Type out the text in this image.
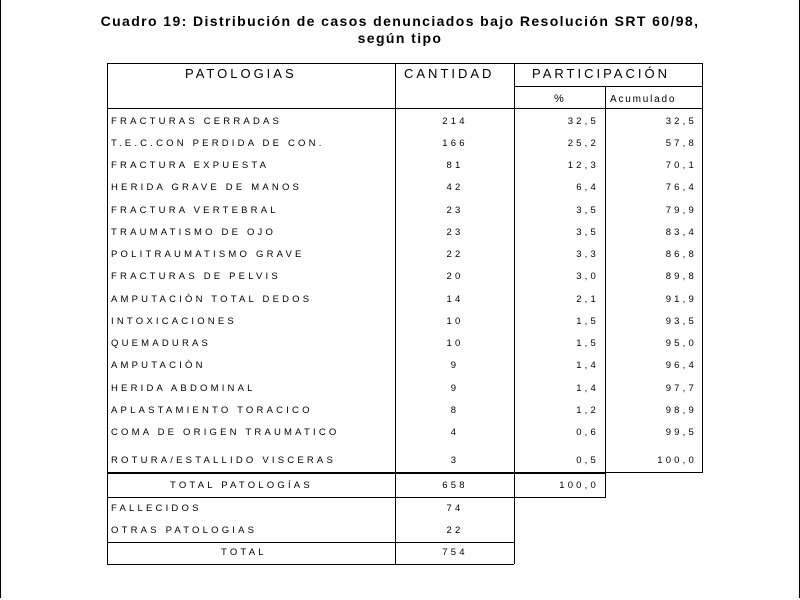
Cuadro 19: Distribución de casos denunciados bajo Resolución SRT 60/98,
según tipo
PATOLOGIAS	CANTIDAD	PARTICIPACIÓN
%	Acumulado
FRACTURAS CERRADAS	214	32,5	32,5
T.E.C.CON PERDIDA DE CON.	166	25,2	57,8
FRACTURA EXPUESTA	81	12,3	70,1
HERIDA GRAVE DE MANOS	42	6,4	76,4
FRACTURA VERTEBRAL	23	3,5	79,9
TRAUMATISMO DE OJO	23	3,5	83,4
POLITRAUMATISMO GRAVE	22	3,3	86,8
FRACTURAS DE PELVIS	20	3,0	89,8
AMPUTACIÒN TOTAL DEDOS	14	2,1	91,9
INTOXICACIONES	10	1,5	93,5
QUEMADURAS	10	1,5	95,0
AMPUTACIÒN	9	1,4	96,4
HERIDA ABDOMINAL	9	1,4	97,7
APLASTAMIENTO TORACICO	8	1,2	98,9
COMA DE ORIGEN TRAUMATICO	4	0,6	99,5
ROTURA/ESTALLIDO VISCERAS	3	0,5	100,0
TOTAL PATOLOGÍAS	658	100,0
FALLECIDOS	74
OTRAS PATOLOGIAS	22
TOTAL	754
